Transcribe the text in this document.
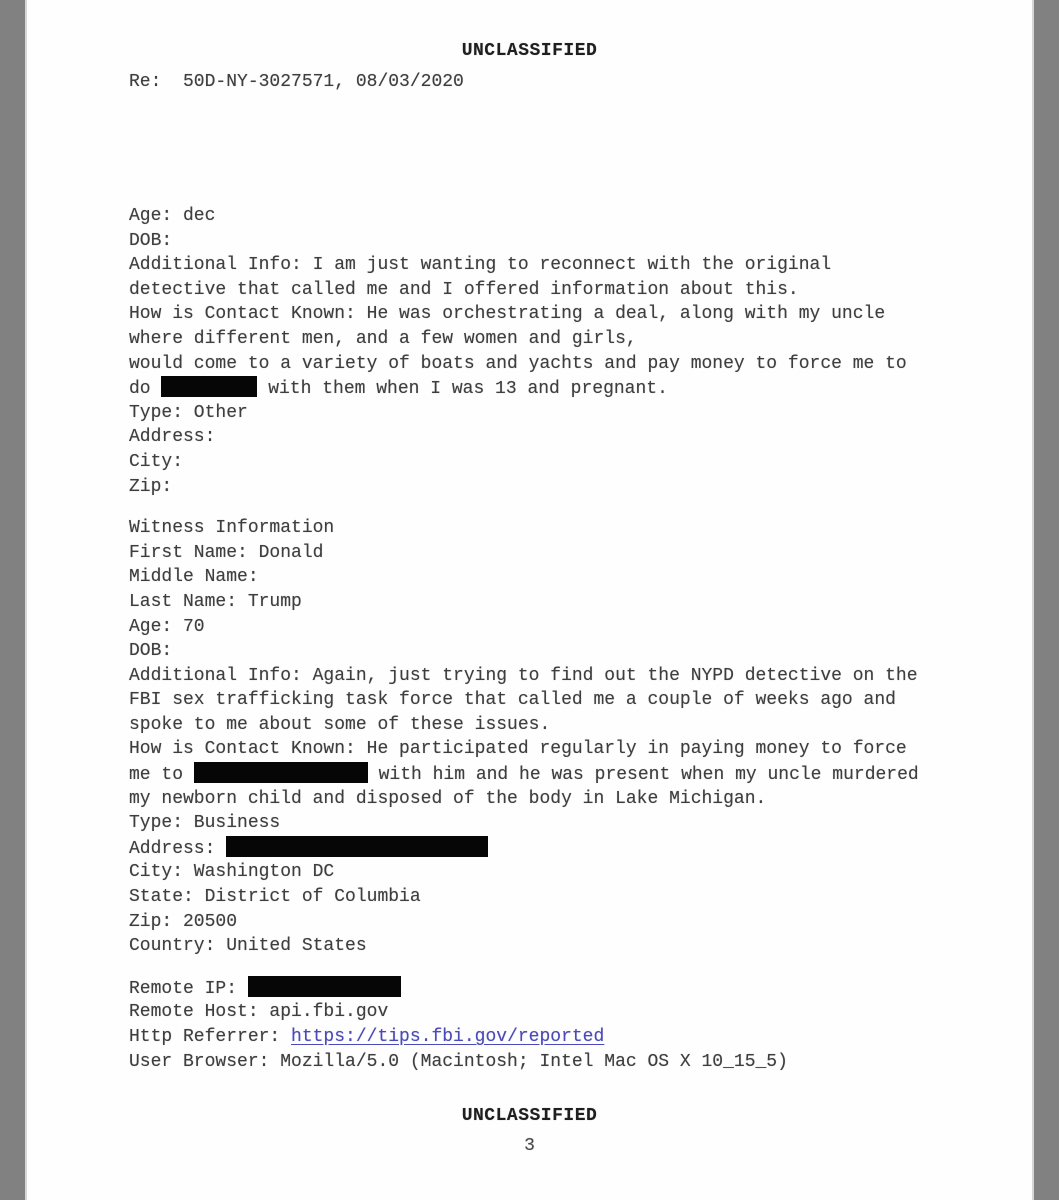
UNCLASSIFIED
Re:  50D-NY-3027571, 08/03/2020
Age: dec
DOB:
Additional Info: I am just wanting to reconnect with the original
detective that called me and I offered information about this.
How is Contact Known: He was orchestrating a deal, along with my uncle
where different men, and a few women and girls,
would come to a variety of boats and yachts and pay money to force me to
do	with them when I was 13 and pregnant.
Type: Other
Address:
City:
Zip:
Witness Information
First Name: Donald
Middle Name:
Last Name: Trump
Age: 70
DOB:
Additional Info: Again, just trying to find out the NYPD detective on the
FBI sex trafficking task force that called me a couple of weeks ago and
spoke to me about some of these issues.
How is Contact Known: He participated regularly in paying money to force
me to	with him and he was present when my uncle murdered
my newborn child and disposed of the body in Lake Michigan.
Type: Business
Address:
City: Washington DC
State: District of Columbia
Zip: 20500
Country: United States
Remote IP:
Remote Host: api.fbi.gov
Http Referrer: https://tips.fbi.gov/reported
User Browser: Mozilla/5.0 (Macintosh; Intel Mac OS X 10_15_5)
UNCLASSIFIED
3
